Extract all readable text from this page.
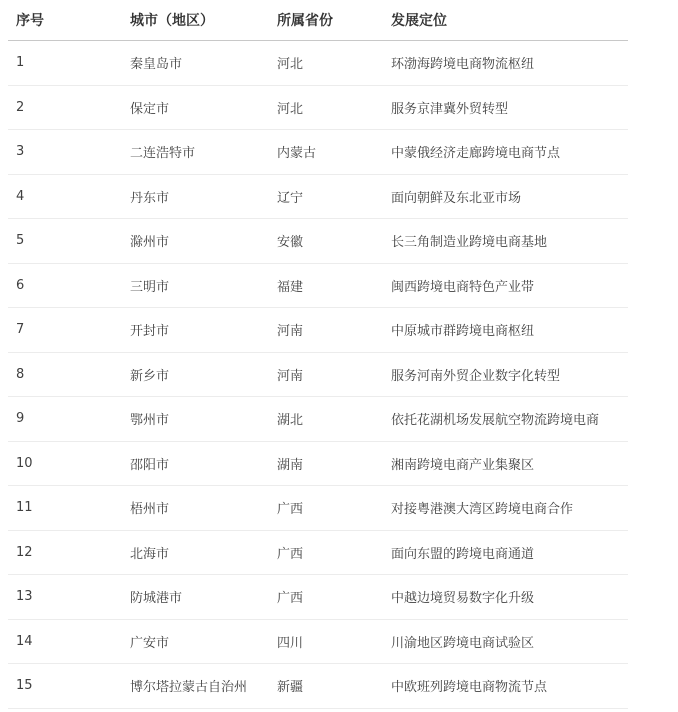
序号	城市（地区）	所属省份	发展定位
1	秦皇岛市	河北	环渤海跨境电商物流枢纽
2	保定市	河北	服务京津冀外贸转型
3	二连浩特市	内蒙古	中蒙俄经济走廊跨境电商节点
4	丹东市	辽宁	面向朝鲜及东北亚市场
5	滁州市	安徽	长三角制造业跨境电商基地
6	三明市	福建	闽西跨境电商特色产业带
7	开封市	河南	中原城市群跨境电商枢纽
8	新乡市	河南	服务河南外贸企业数字化转型
9	鄂州市	湖北	依托花湖机场发展航空物流跨境电商
10	邵阳市	湖南	湘南跨境电商产业集聚区
11	梧州市	广西	对接粤港澳大湾区跨境电商合作
12	北海市	广西	面向东盟的跨境电商通道
13	防城港市	广西	中越边境贸易数字化升级
14	广安市	四川	川渝地区跨境电商试验区
15	博尔塔拉蒙古自治州	新疆	中欧班列跨境电商物流节点
